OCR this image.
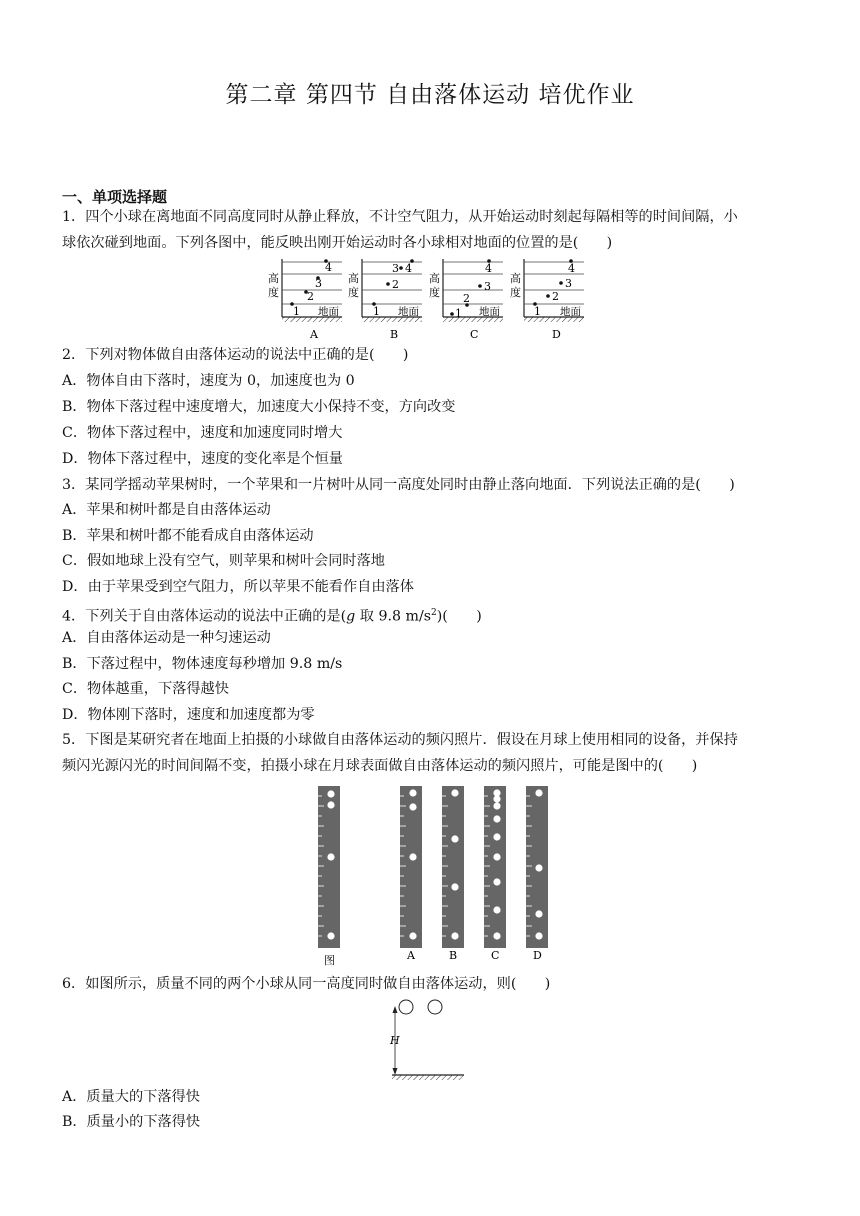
第二章 第四节 自由落体运动 培优作业
一、单项选择题
1．四个小球在离地面不同高度同时从静止释放，不计空气阻力，从开始运动时刻起每隔相等的时间间隔，小
球依次碰到地面。下列各图中，能反映出刚开始运动时各小球相对地面的位置的是(　　)
高
度
高
度
高
度
高
度
1
2
3
4
地面
A
1
2
3 4
地面
B
1
2
3
4
地面
C
1
2
3
4
地面
D
2．下列对物体做自由落体运动的说法中正确的是(　　)
A．物体自由下落时，速度为 0，加速度也为 0
B．物体下落过程中速度增大，加速度大小保持不变，方向改变
C．物体下落过程中，速度和加速度同时增大
D．物体下落过程中，速度的变化率是个恒量
3．某同学摇动苹果树时，一个苹果和一片树叶从同一高度处同时由静止落向地面．下列说法正确的是(　　)
A．苹果和树叶都是自由落体运动
B．苹果和树叶都不能看成自由落体运动
C．假如地球上没有空气，则苹果和树叶会同时落地
D．由于苹果受到空气阻力，所以苹果不能看作自由落体
4．下列关于自由落体运动的说法中正确的是(g 取 9.8 $m/s^2$)(　　)
A．自由落体运动是一种匀速运动
B．下落过程中，物体速度每秒增加 9.8 m/s
C．物体越重，下落得越快
D．物体刚下落时，速度和加速度都为零
5．下图是某研究者在地面上拍摄的小球做自由落体运动的频闪照片．假设在月球上使用相同的设备，并保持
频闪光源闪光的时间间隔不变，拍摄小球在月球表面做自由落体运动的频闪照片，可能是图中的(　　)
图	A	B	C	D
6．如图所示，质量不同的两个小球从同一高度同时做自由落体运动，则(　　)
H
A．质量大的下落得快
B．质量小的下落得快
